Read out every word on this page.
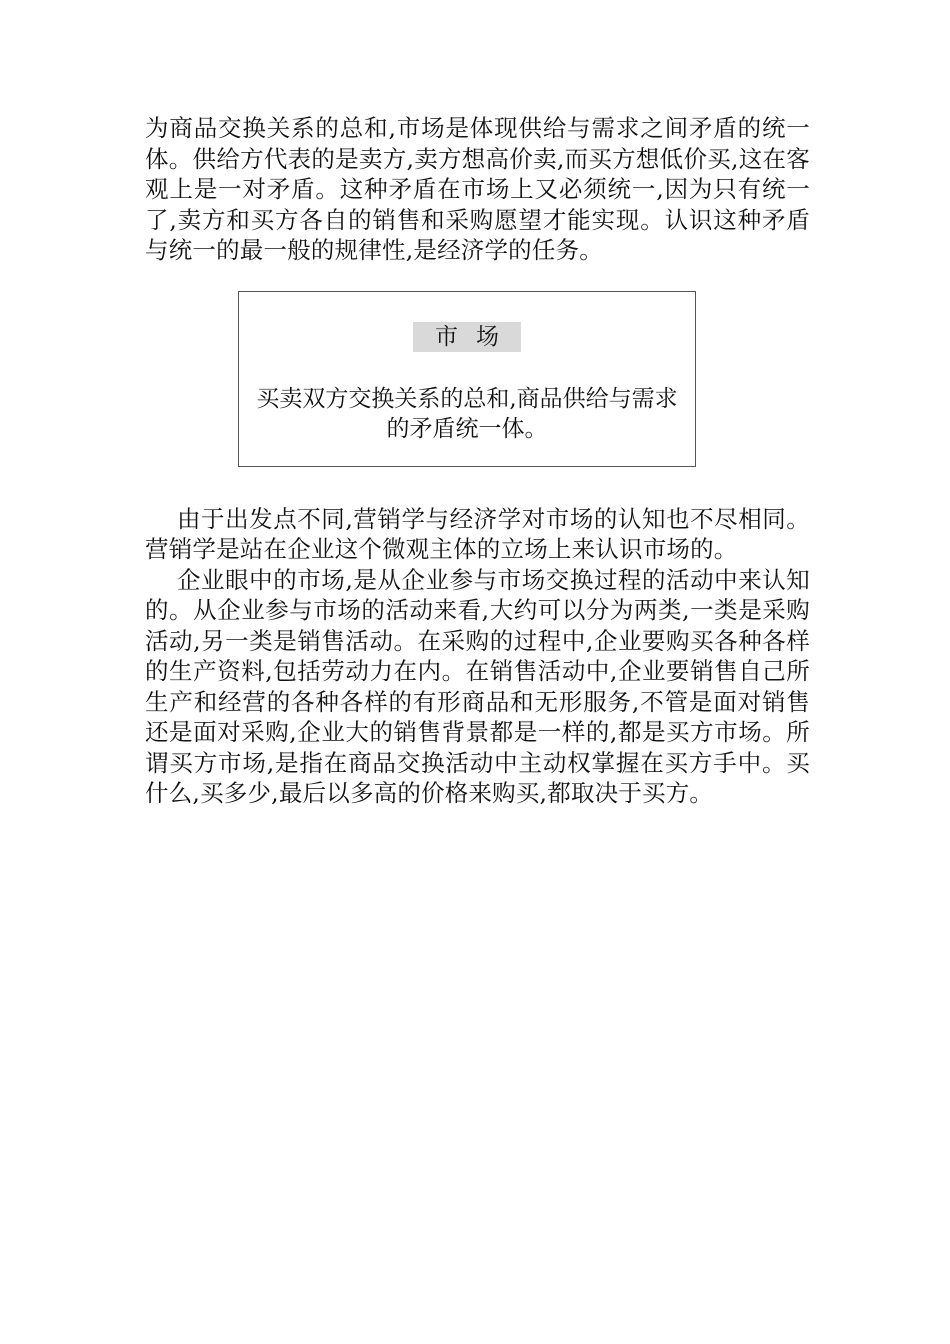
为商品交换关系的总和,市场是体现供给与需求之间矛盾的统一体。供给方代表的是卖方,卖方想高价卖,而买方想低价买,这在客观上是一对矛盾。这种矛盾在市场上又必须统一,因为只有统一了,卖方和买方各自的销售和采购愿望才能实现。认识这种矛盾与统一的最一般的规律性,是经济学的任务。

市场

买卖双方交换关系的总和,商品供给与需求的矛盾统一体。

由于出发点不同,营销学与经济学对市场的认知也不尽相同。营销学是站在企业这个微观主体的立场上来认识市场的。

企业眼中的市场,是从企业参与市场交换过程的活动中来认知的。从企业参与市场的活动来看,大约可以分为两类,一类是采购活动,另一类是销售活动。在采购的过程中,企业要购买各种各样的生产资料,包括劳动力在内。在销售活动中,企业要销售自己所生产和经营的各种各样的有形商品和无形服务,不管是面对销售还是面对采购,企业大的销售背景都是一样的,都是买方市场。所谓买方市场,是指在商品交换活动中主动权掌握在买方手中。买什么,买多少,最后以多高的价格来购买,都取决于买方。
